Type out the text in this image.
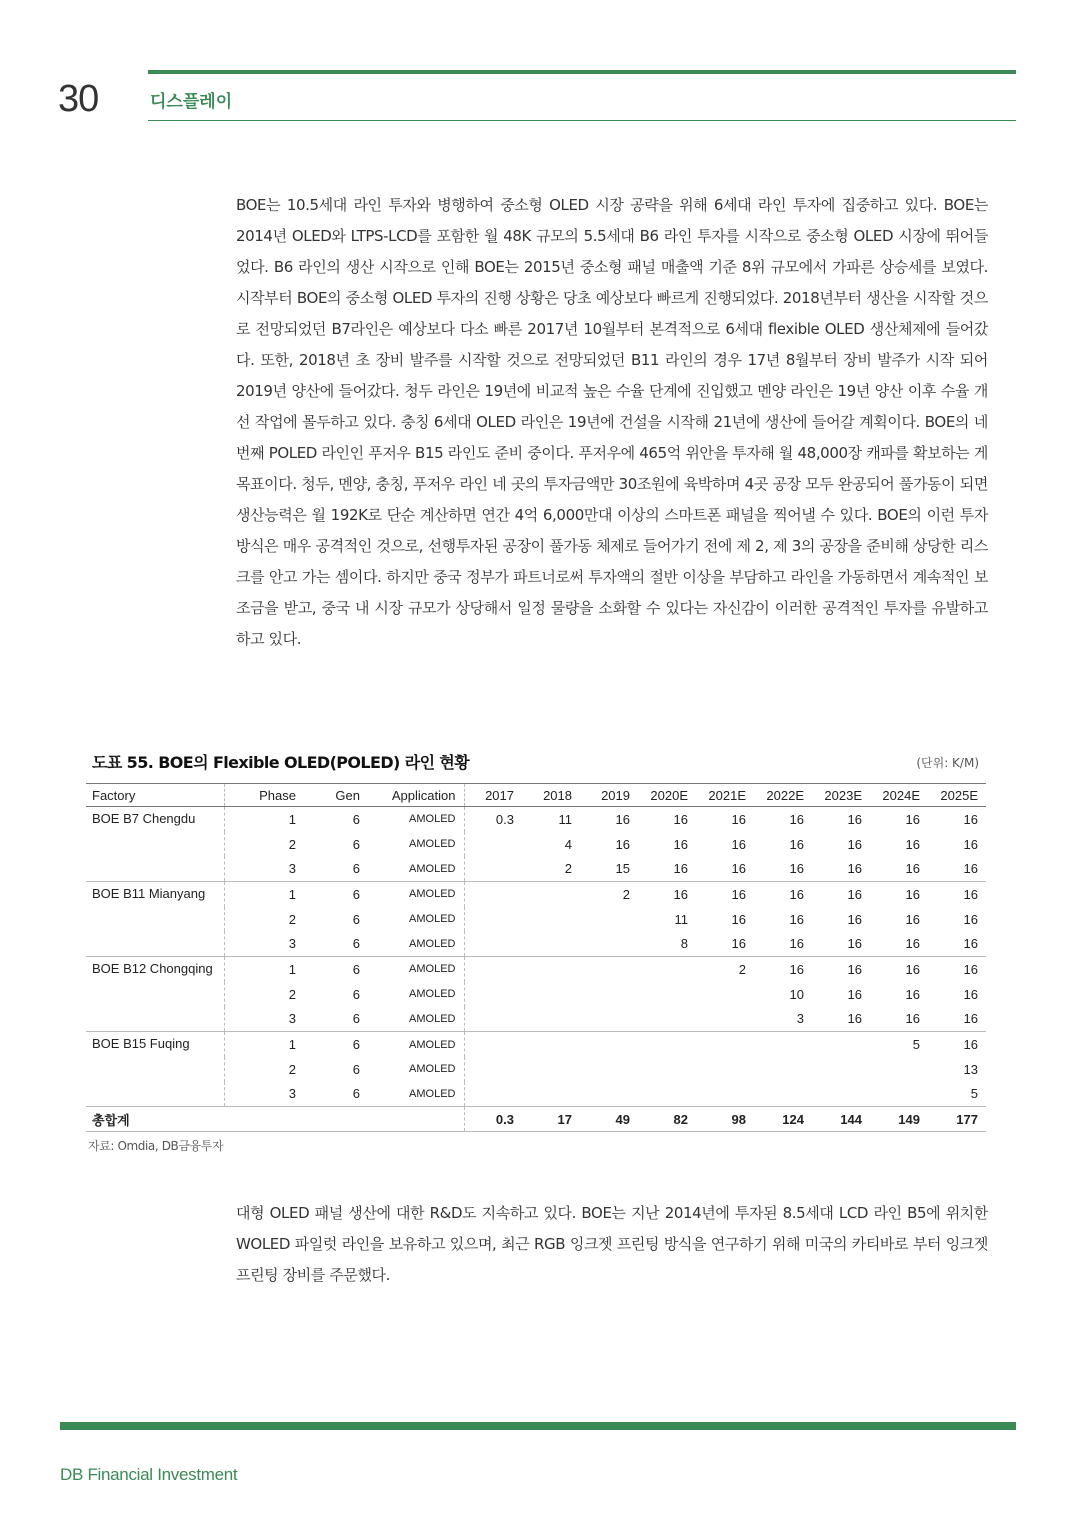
30	디스플레이

BOE는 10.5세대 라인 투자와 병행하여 중소형 OLED 시장 공략을 위해 6세대 라인 투자에 집중하고 있다. BOE는 2014년 OLED와 LTPS-LCD를 포함한 월 48K 규모의 5.5세대 B6 라인 투자를 시작으로 중소형 OLED 시장에 뛰어들었다. B6 라인의 생산 시작으로 인해 BOE는 2015년 중소형 패널 매출액 기준 8위 규모에서 가파른 상승세를 보였다. 시작부터 BOE의 중소형 OLED 투자의 진행 상황은 당초 예상보다 빠르게 진행되었다. 2018년부터 생산을 시작할 것으로 전망되었던 B7라인은 예상보다 다소 빠른 2017년 10월부터 본격적으로 6세대 flexible OLED 생산체제에 들어갔다. 또한, 2018년 초 장비 발주를 시작할 것으로 전망되었던 B11 라인의 경우 17년 8월부터 장비 발주가 시작 되어 2019년 양산에 들어갔다. 청두 라인은 19년에 비교적 높은 수율 단계에 진입했고 멘양 라인은 19년 양산 이후 수율 개선 작업에 몰두하고 있다. 충칭 6세대 OLED 라인은 19년에 건설을 시작해 21년에 생산에 들어갈 계획이다. BOE의 네번째 POLED 라인인 푸저우 B15 라인도 준비 중이다. 푸저우에 465억 위안을 투자해 월 48,000장 캐파를 확보하는 게 목표이다. 청두, 멘양, 충칭, 푸저우 라인 네 곳의 투자금액만 30조원에 육박하며 4곳 공장 모두 완공되어 풀가동이 되면 생산능력은 월 192K로 단순 계산하면 연간 4억 6,000만대 이상의 스마트폰 패널을 찍어낼 수 있다. BOE의 이런 투자 방식은 매우 공격적인 것으로, 선행투자된 공장이 풀가동 체제로 들어가기 전에 제 2, 제 3의 공장을 준비해 상당한 리스크를 안고 가는 셈이다. 하지만 중국 정부가 파트너로써 투자액의 절반 이상을 부담하고 라인을 가동하면서 계속적인 보조금을 받고, 중국 내 시장 규모가 상당해서 일정 물량을 소화할 수 있다는 자신감이 이러한 공격적인 투자를 유발하고 하고 있다.

도표 55. BOE의 Flexible OLED(POLED) 라인 현황	(단위: K/M)
Factory	Phase	Gen	Application	2017	2018	2019	2020E	2021E	2022E	2023E	2024E	2025E
BOE B7 Chengdu	1	6	AMOLED	0.3	11	16	16	16	16	16	16	16
	2	6	AMOLED		4	16	16	16	16	16	16	16
	3	6	AMOLED		2	15	16	16	16	16	16	16
BOE B11 Mianyang	1	6	AMOLED			2	16	16	16	16	16	16
	2	6	AMOLED				11	16	16	16	16	16
	3	6	AMOLED				8	16	16	16	16	16
BOE B12 Chongqing	1	6	AMOLED					2	16	16	16	16
	2	6	AMOLED						10	16	16	16
	3	6	AMOLED						3	16	16	16
BOE B15 Fuqing	1	6	AMOLED								5	16
	2	6	AMOLED									13
	3	6	AMOLED									5
총합계				0.3	17	49	82	98	124	144	149	177
자료: Omdia, DB금융투자

대형 OLED 패널 생산에 대한 R&D도 지속하고 있다. BOE는 지난 2014년에 투자된 8.5세대 LCD 라인 B5에 위치한 WOLED 파일럿 라인을 보유하고 있으며, 최근 RGB 잉크젯 프린팅 방식을 연구하기 위해 미국의 카티바로 부터 잉크젯 프린팅 장비를 주문했다.

DB Financial Investment
